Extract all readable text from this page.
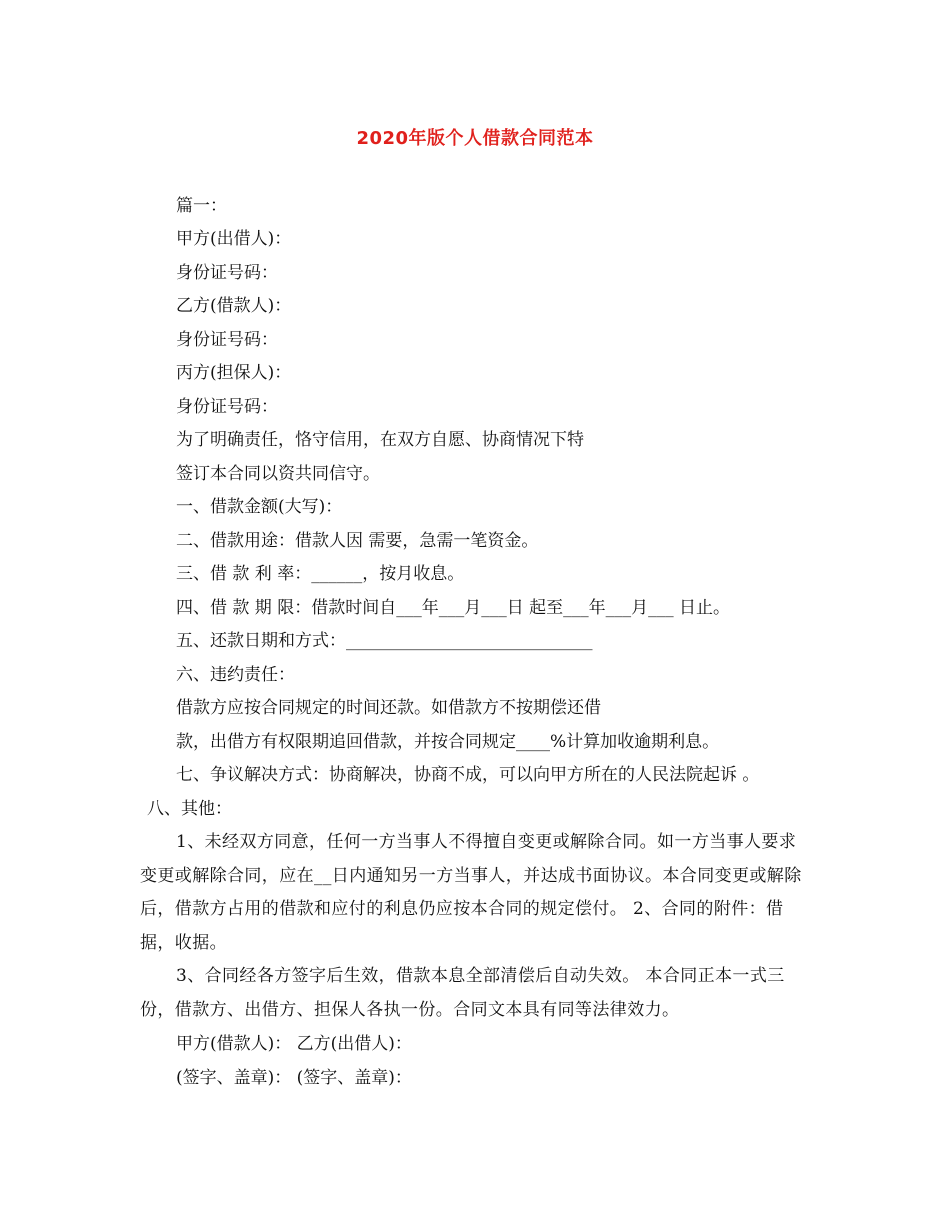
2020年版个人借款合同范本
篇一：
甲方(出借人)：
身份证号码：
乙方(借款人)：
身份证号码：
丙方(担保人)：
身份证号码：
为了明确责任，恪守信用，在双方自愿、协商情况下特
签订本合同以资共同信守。
一、借款金额(大写)：
二、借款用途：借款人因 需要，急需一笔资金。
三、借 款 利 率：______，按月收息。
四、借 款 期 限：借款时间自___年___月___日 起至___年___月___ 日止。
五、还款日期和方式：_____________________________
六、违约责任：
借款方应按合同规定的时间还款。如借款方不按期偿还借
款，出借方有权限期追回借款，并按合同规定____%计算加收逾期利息。
七、争议解决方式：协商解决，协商不成，可以向甲方所在的人民法院起诉 。
八、其他：
1、未经双方同意，任何一方当事人不得擅自变更或解除合同。如一方当事人要求变更或解除合同，应在__日内通知另一方当事人，并达成书面协议。本合同变更或解除后，借款方占用的借款和应付的利息仍应按本合同的规定偿付。 2、合同的附件：借据，收据。
3、合同经各方签字后生效，借款本息全部清偿后自动失效。 本合同正本一式三份，借款方、出借方、担保人各执一份。合同文本具有同等法律效力。
甲方(借款人)： 乙方(出借人)：
(签字、盖章)： (签字、盖章)：
